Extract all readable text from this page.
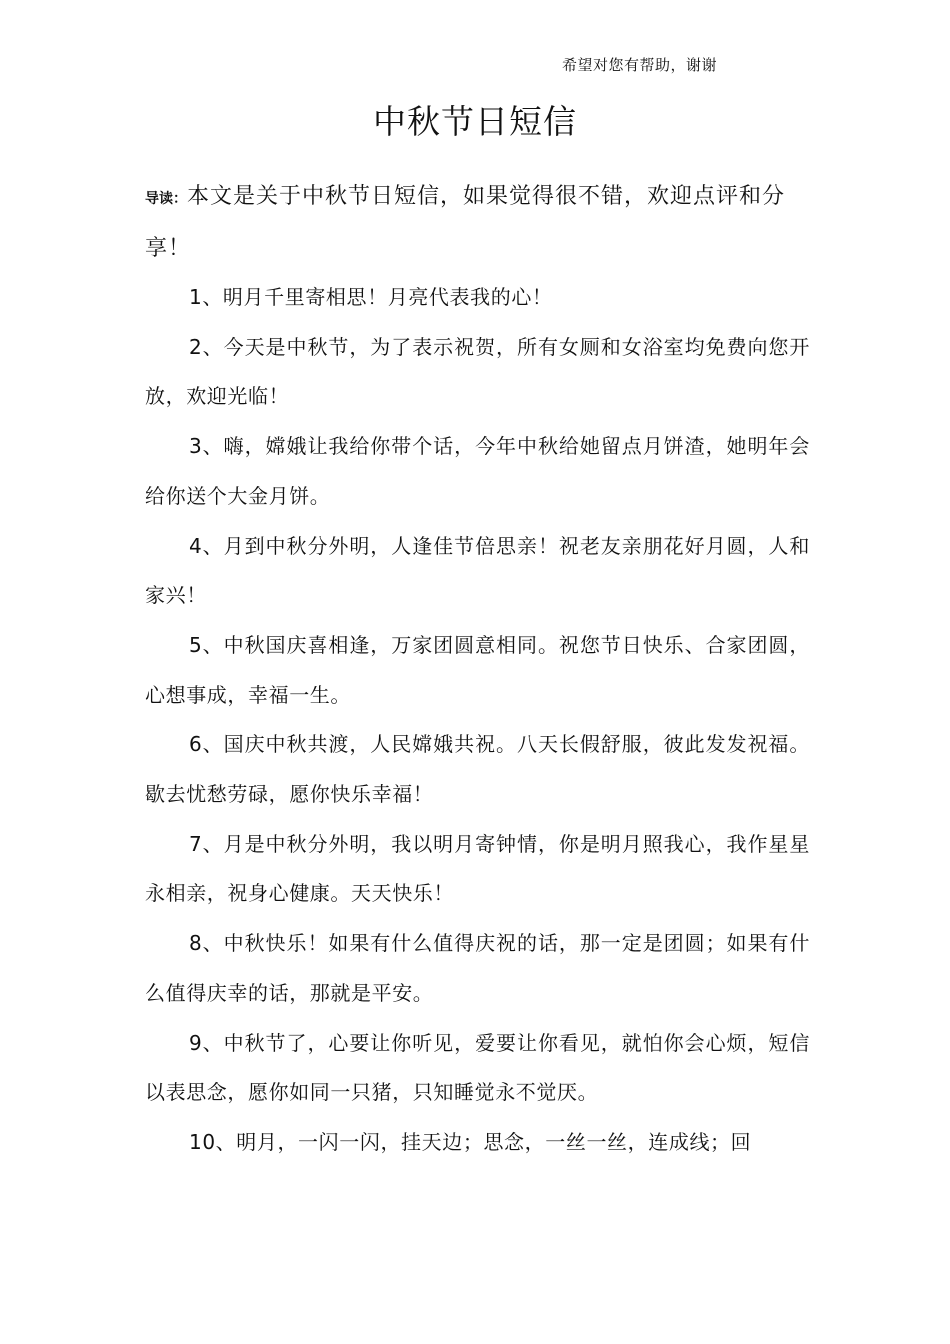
希望对您有帮助，谢谢
中秋节日短信

导读：本文是关于中秋节日短信，如果觉得很不错，欢迎点评和分享！

1、明月千里寄相思！月亮代表我的心！

2、今天是中秋节，为了表示祝贺，所有女厕和女浴室均免费向您开放，欢迎光临！

3、嗨，嫦娥让我给你带个话，今年中秋给她留点月饼渣，她明年会给你送个大金月饼。

4、月到中秋分外明，人逢佳节倍思亲！祝老友亲朋花好月圆，人和家兴！

5、中秋国庆喜相逢，万家团圆意相同。祝您节日快乐、合家团圆，心想事成，幸福一生。

6、国庆中秋共渡，人民嫦娥共祝。八天长假舒服，彼此发发祝福。歇去忧愁劳碌，愿你快乐幸福！

7、月是中秋分外明，我以明月寄钟情，你是明月照我心，我作星星永相亲，祝身心健康。天天快乐！

8、中秋快乐！如果有什么值得庆祝的话，那一定是团圆；如果有什么值得庆幸的话，那就是平安。

9、中秋节了，心要让你听见，爱要让你看见，就怕你会心烦，短信以表思念，愿你如同一只猪，只知睡觉永不觉厌。

10、明月，一闪一闪，挂天边；思念，一丝一丝，连成线；回
